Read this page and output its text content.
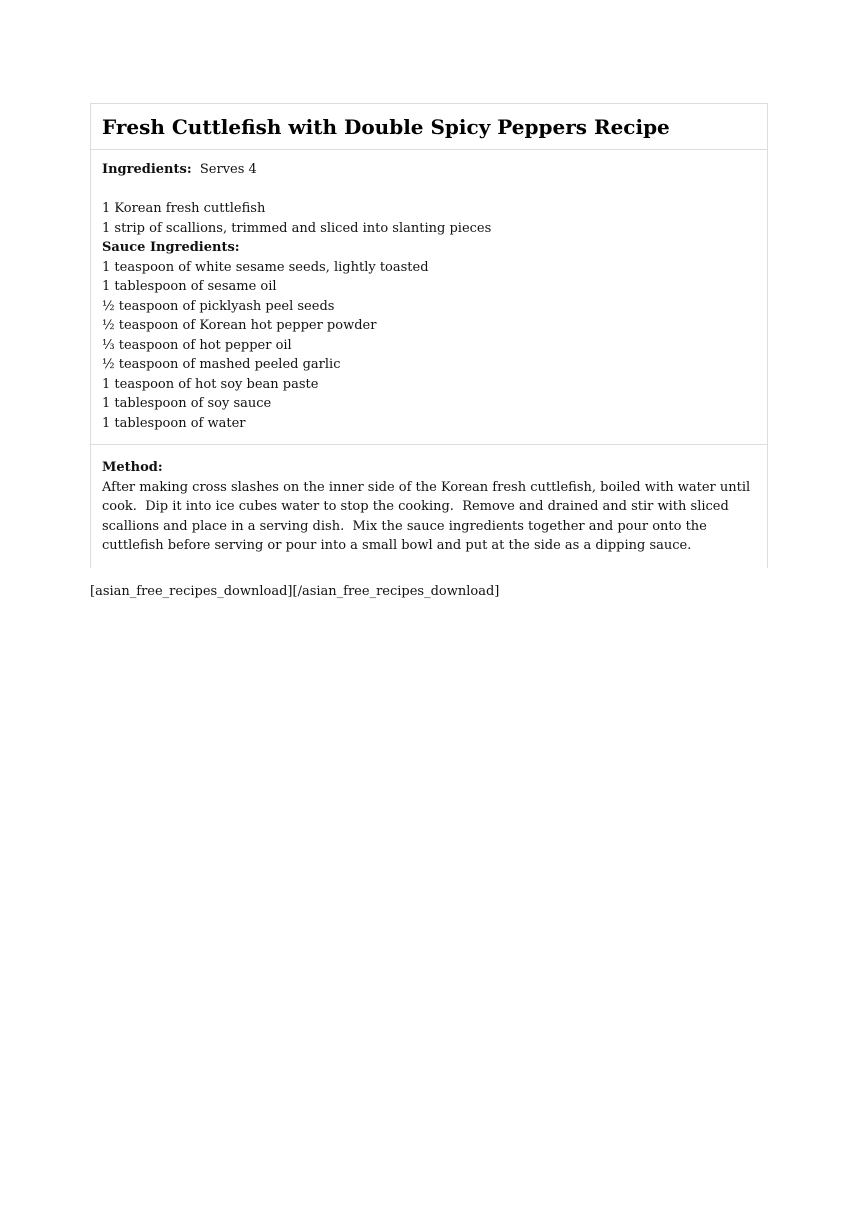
Fresh Cuttlefish with Double Spicy Peppers Recipe
Ingredients: Serves 4
1 Korean fresh cuttlefish
1 strip of scallions, trimmed and sliced into slanting pieces
Sauce Ingredients:
1 teaspoon of white sesame seeds, lightly toasted
1 tablespoon of sesame oil
½ teaspoon of picklyash peel seeds
½ teaspoon of Korean hot pepper powder
⅓ teaspoon of hot pepper oil
½ teaspoon of mashed peeled garlic
1 teaspoon of hot soy bean paste
1 tablespoon of soy sauce
1 tablespoon of water
Method:
After making cross slashes on the inner side of the Korean fresh cuttlefish, boiled with water until cook.  Dip it into ice cubes water to stop the cooking.  Remove and drained and stir with sliced scallions and place in a serving dish.  Mix the sauce ingredients together and pour onto the cuttlefish before serving or pour into a small bowl and put at the side as a dipping sauce.
[asian_free_recipes_download][/asian_free_recipes_download]
